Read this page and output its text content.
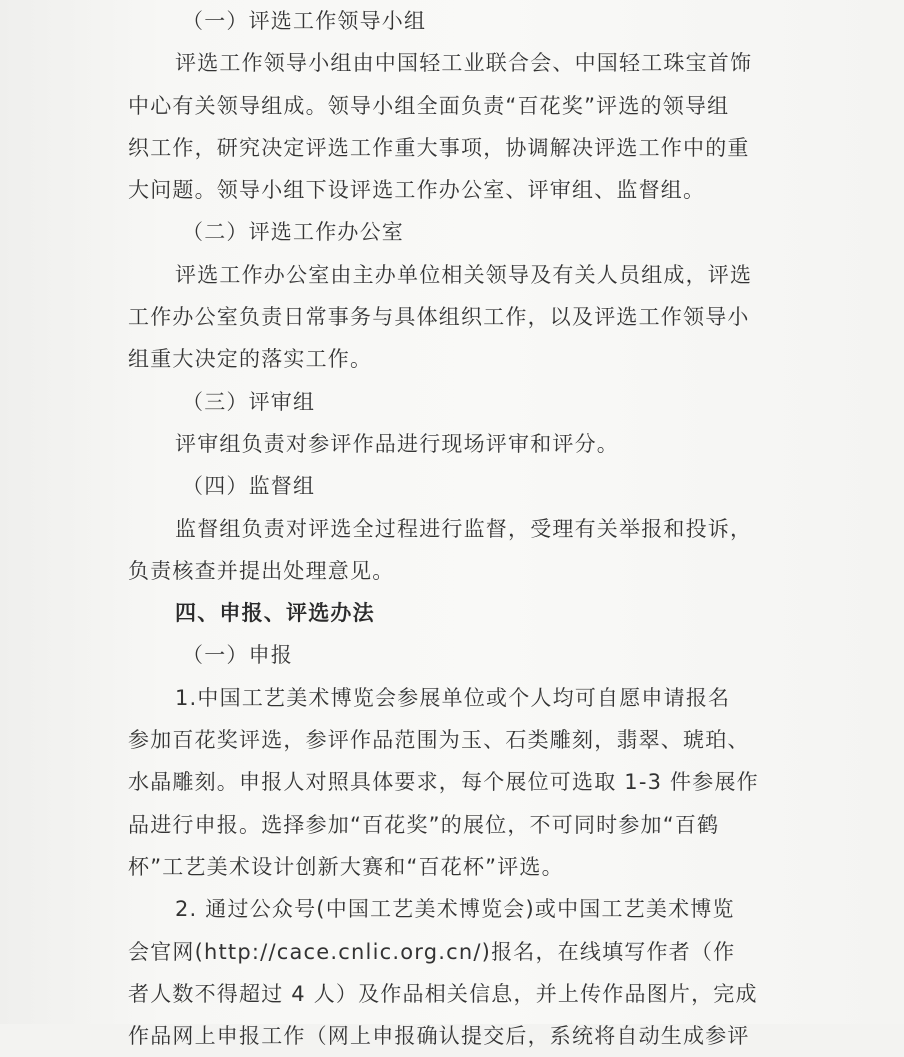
（一）评选工作领导小组
评选工作领导小组由中国轻工业联合会、中国轻工珠宝首饰
中心有关领导组成。领导小组全面负责“百花奖”评选的领导组
织工作，研究决定评选工作重大事项，协调解决评选工作中的重
大问题。领导小组下设评选工作办公室、评审组、监督组。
（二）评选工作办公室
评选工作办公室由主办单位相关领导及有关人员组成，评选
工作办公室负责日常事务与具体组织工作，以及评选工作领导小
组重大决定的落实工作。
（三）评审组
评审组负责对参评作品进行现场评审和评分。
（四）监督组
监督组负责对评选全过程进行监督，受理有关举报和投诉，
负责核查并提出处理意见。
四、申报、评选办法
（一）申报
1.中国工艺美术博览会参展单位或个人均可自愿申请报名
参加百花奖评选，参评作品范围为玉、石类雕刻，翡翠、琥珀、
水晶雕刻。申报人对照具体要求，每个展位可选取 1-3 件参展作
品进行申报。选择参加“百花奖”的展位，不可同时参加“百鹤
杯”工艺美术设计创新大赛和“百花杯”评选。
2. 通过公众号(中国工艺美术博览会)或中国工艺美术博览
会官网(http://cace.cnlic.org.cn/)报名，在线填写作者（作
者人数不得超过 4 人）及作品相关信息，并上传作品图片，完成
作品网上申报工作（网上申报确认提交后，系统将自动生成参评
